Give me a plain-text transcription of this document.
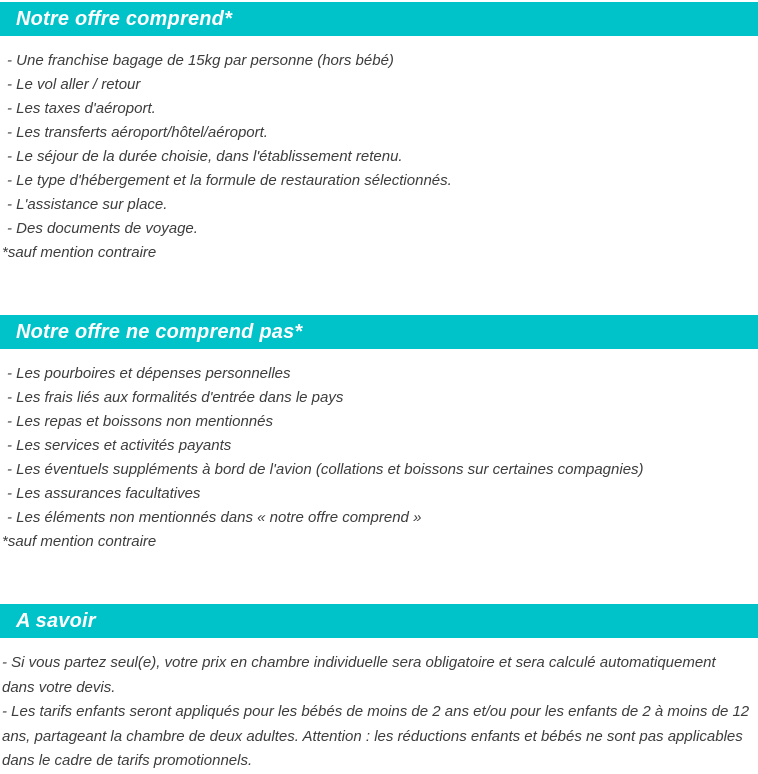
Notre offre comprend*
- Une franchise bagage de 15kg par personne (hors bébé)
- Le vol aller / retour
- Les taxes d'aéroport.
- Les transferts aéroport/hôtel/aéroport.
- Le séjour de la durée choisie, dans l'établissement retenu.
- Le type d'hébergement et la formule de restauration sélectionnés.
- L'assistance sur place.
- Des documents de voyage.
*sauf mention contraire
Notre offre ne comprend pas*
- Les pourboires et dépenses personnelles
- Les frais liés aux formalités d'entrée dans le pays
- Les repas et boissons non mentionnés
- Les services et activités payants
- Les éventuels suppléments à bord de l'avion (collations et boissons sur certaines compagnies)
- Les assurances facultatives
- Les éléments non mentionnés dans « notre offre comprend »
*sauf mention contraire
A savoir
- Si vous partez seul(e), votre prix en chambre individuelle sera obligatoire et sera calculé automatiquement dans votre devis.
- Les tarifs enfants seront appliqués pour les bébés de moins de 2 ans et/ou pour les enfants de 2 à moins de 12 ans, partageant la chambre de deux adultes. Attention : les réductions enfants et bébés ne sont pas applicables dans le cadre de tarifs promotionnels.
